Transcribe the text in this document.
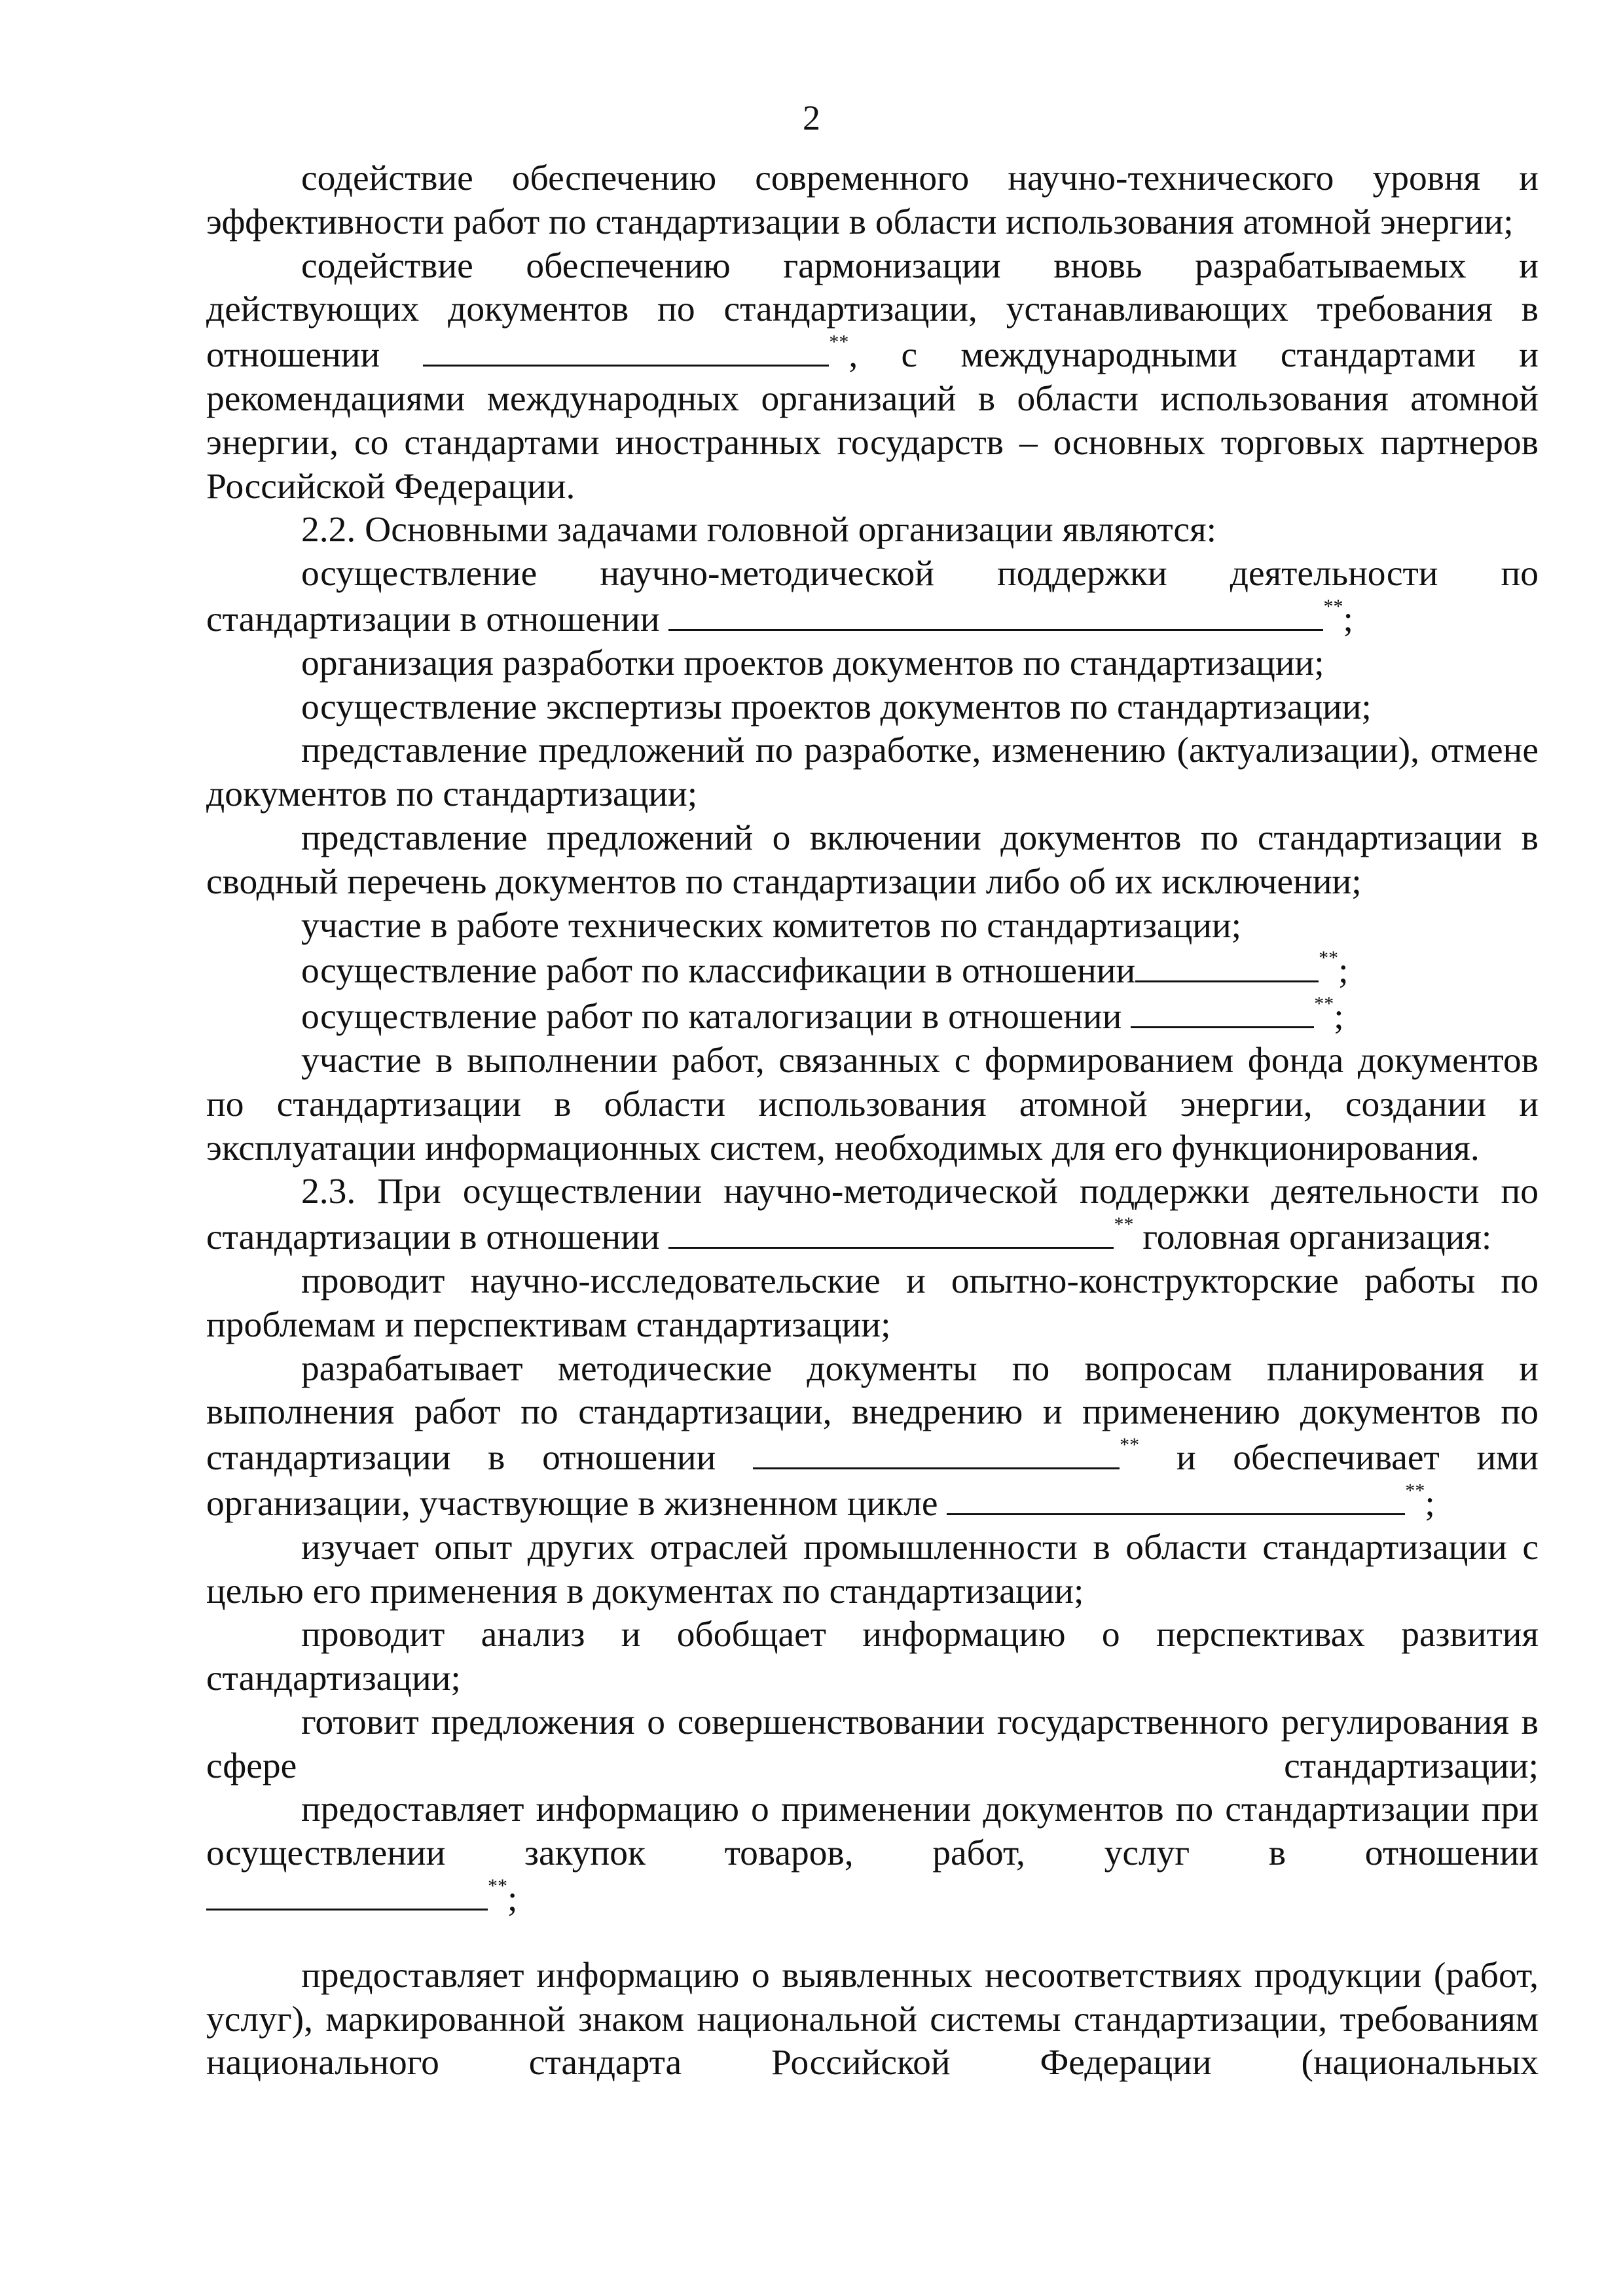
2

содействие обеспечению современного научно-технического уровня и эффективности работ по стандартизации в области использования атомной энергии;

содействие обеспечению гармонизации вновь разрабатываемых и действующих документов по стандартизации, устанавливающих требования в отношении	**, с международными стандартами и рекомендациями международных организаций в области использования атомной энергии, со стандартами иностранных государств – основных торговых партнеров Российской Федерации.

2.2. Основными задачами головной организации являются:

осуществление научно-методической поддержки деятельности по стандартизации в отношении	**;

организация разработки проектов документов по стандартизации;

осуществление экспертизы проектов документов по стандартизации;

представление предложений по разработке, изменению (актуализации), отмене документов по стандартизации;

представление предложений о включении документов по стандартизации в сводный перечень документов по стандартизации либо об их исключении;

участие в работе технических комитетов по стандартизации;

осуществление работ по классификации в отношении	**;

осуществление работ по каталогизации в отношении	**;

участие в выполнении работ, связанных с формированием фонда документов по стандартизации в области использования атомной энергии, создании и эксплуатации информационных систем, необходимых для его функционирования.

2.3. При осуществлении научно-методической поддержки деятельности по стандартизации в отношении	** головная организация:

проводит научно-исследовательские и опытно-конструкторские работы по проблемам и перспективам стандартизации;

разрабатывает методические документы по вопросам планирования и выполнения работ по стандартизации, внедрению и применению документов по стандартизации в отношении	** и обеспечивает ими организации, участвующие в жизненном цикле	**;

изучает опыт других отраслей промышленности в области стандартизации с целью его применения в документах по стандартизации;

проводит анализ и обобщает информацию о перспективах развития стандартизации;

готовит предложения о совершенствовании государственного регулирования в сфере стандартизации;

предоставляет информацию о применении документов по стандартизации при осуществлении закупок товаров, работ, услуг в отношении

**;

предоставляет информацию о выявленных несоответствиях продукции (работ, услуг), маркированной знаком национальной системы стандартизации, требованиям национального стандарта Российской Федерации (национальных
